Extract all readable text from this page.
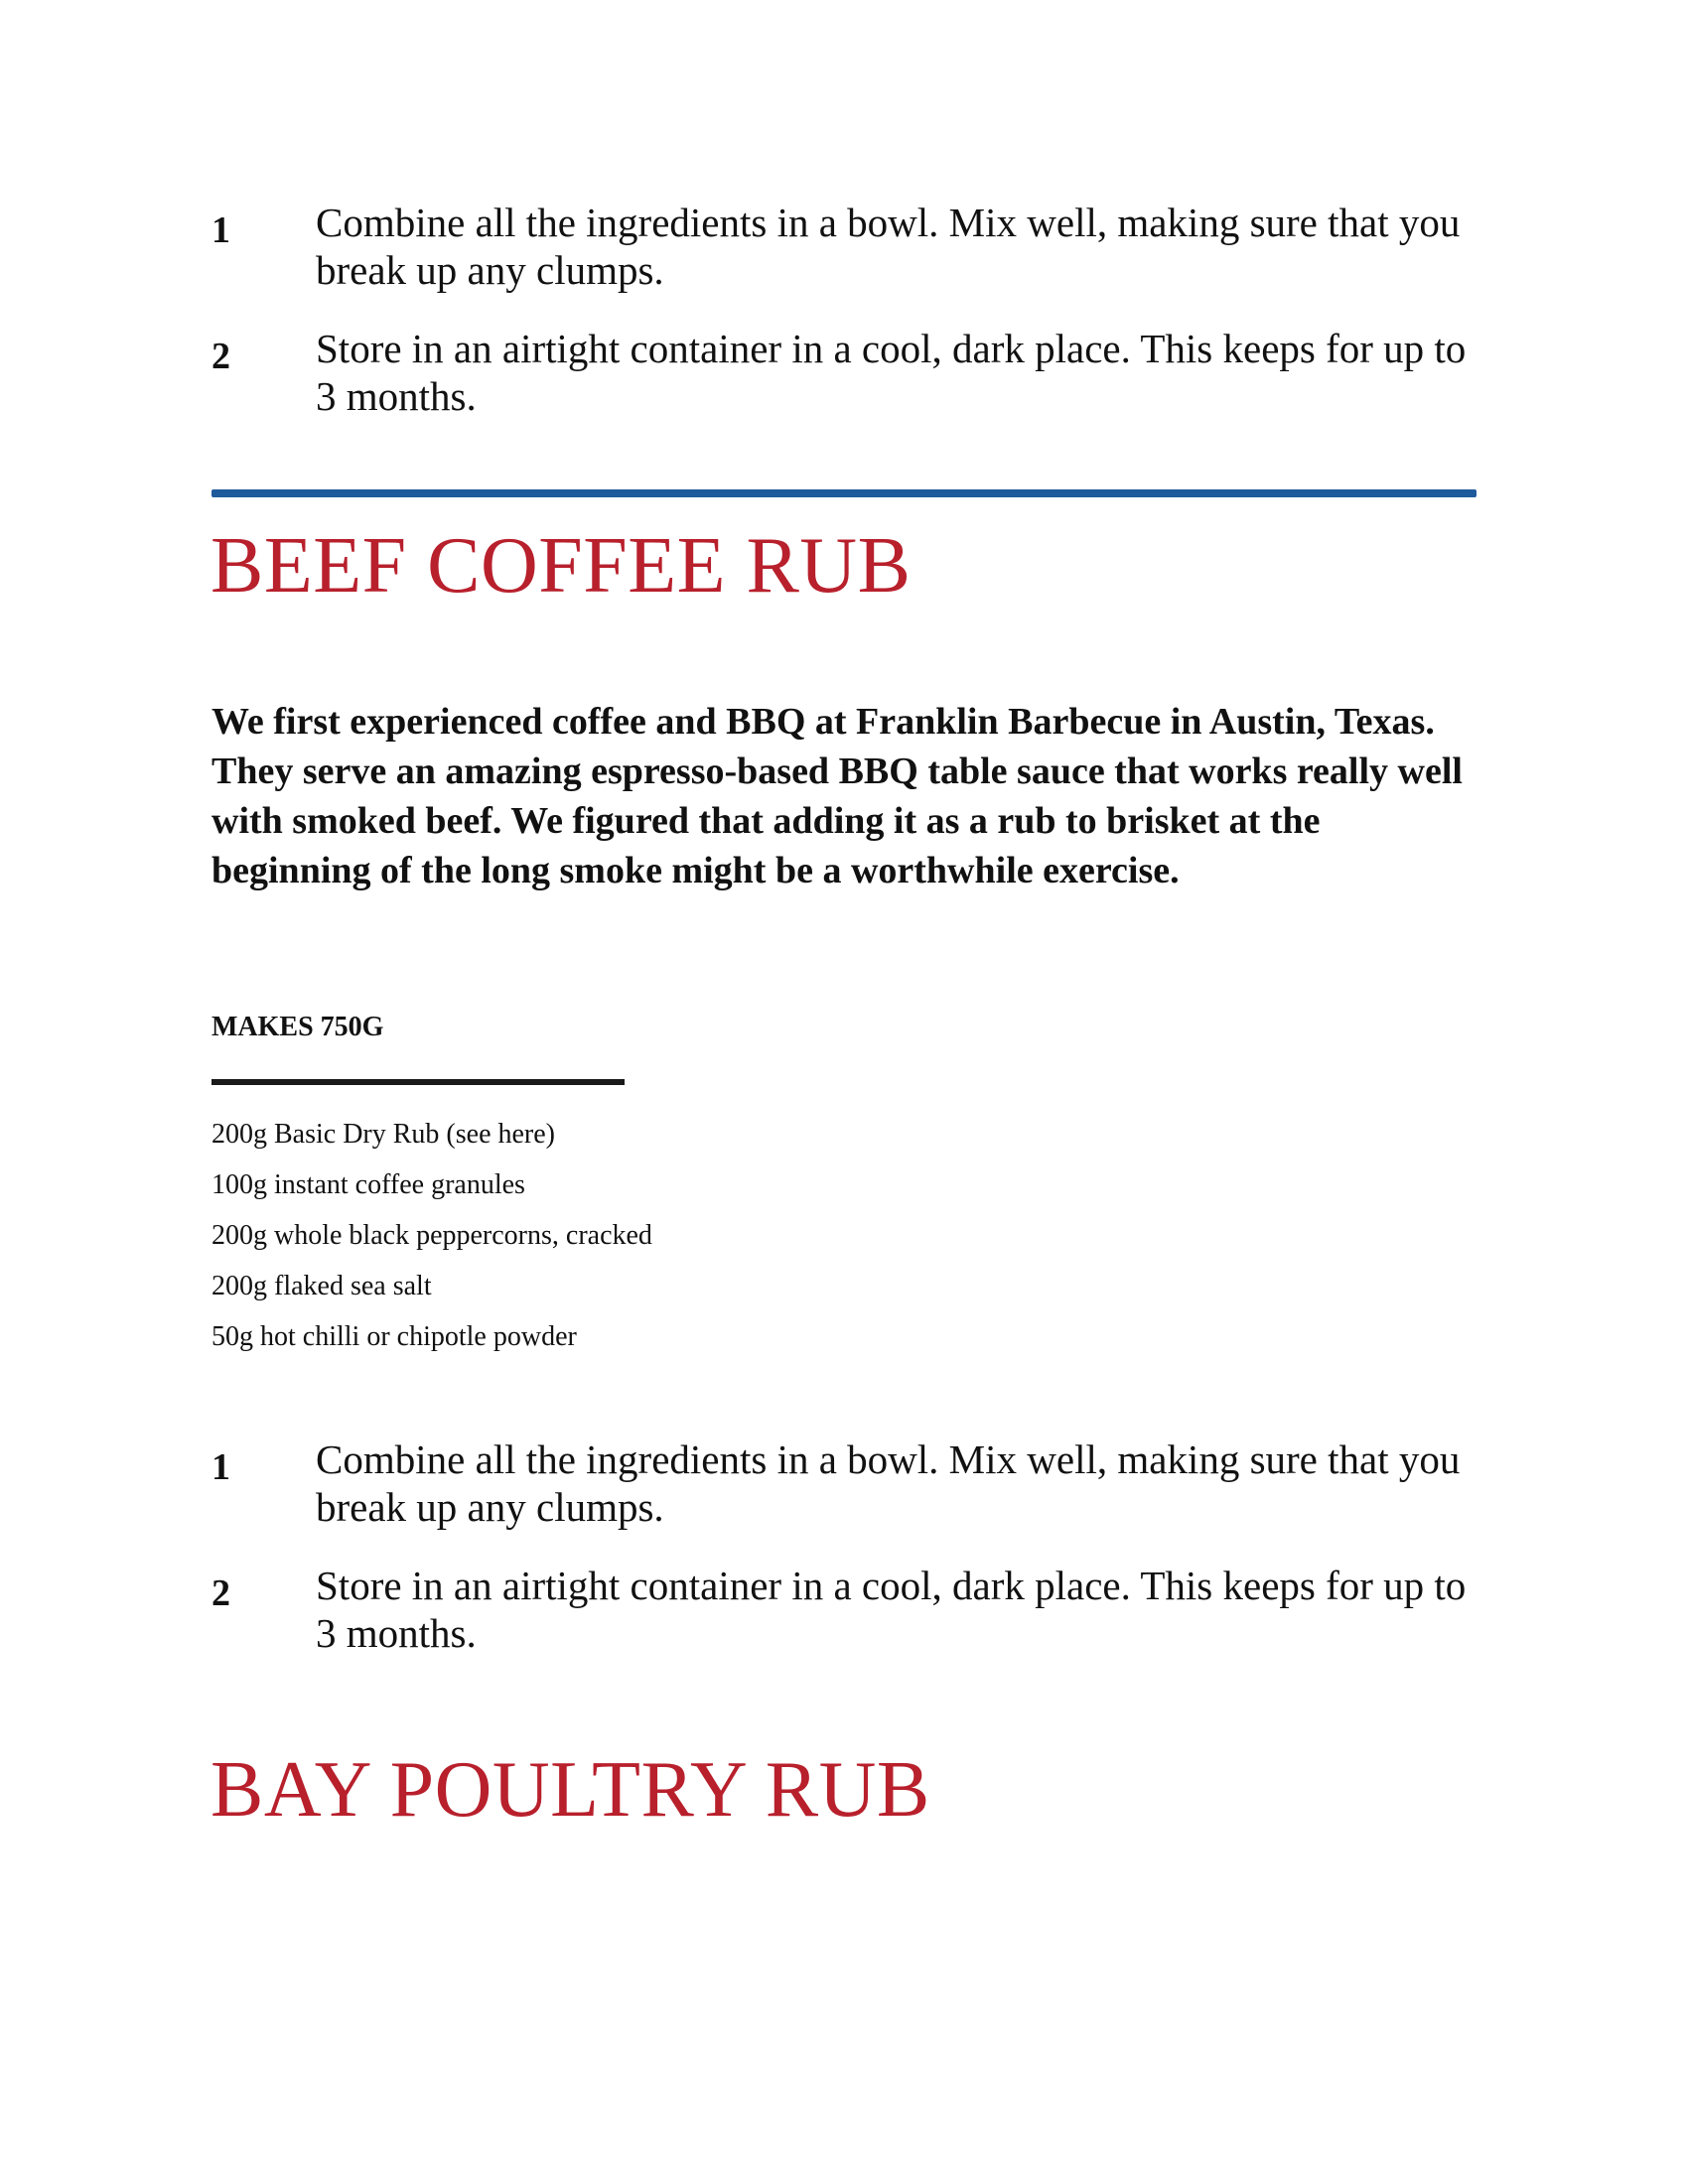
1 Combine all the ingredients in a bowl. Mix well, making sure that you break up any clumps.
2 Store in an airtight container in a cool, dark place. This keeps for up to 3 months.
BEEF COFFEE RUB

We first experienced coffee and BBQ at Franklin Barbecue in Austin, Texas. They serve an amazing espresso-based BBQ table sauce that works really well with smoked beef. We figured that adding it as a rub to brisket at the beginning of the long smoke might be a worthwhile exercise.

MAKES 750G

200g Basic Dry Rub (see here)
100g instant coffee granules
200g whole black peppercorns, cracked
200g flaked sea salt
50g hot chilli or chipotle powder
1 Combine all the ingredients in a bowl. Mix well, making sure that you break up any clumps.
2 Store in an airtight container in a cool, dark place. This keeps for up to 3 months.
BAY POULTRY RUB
